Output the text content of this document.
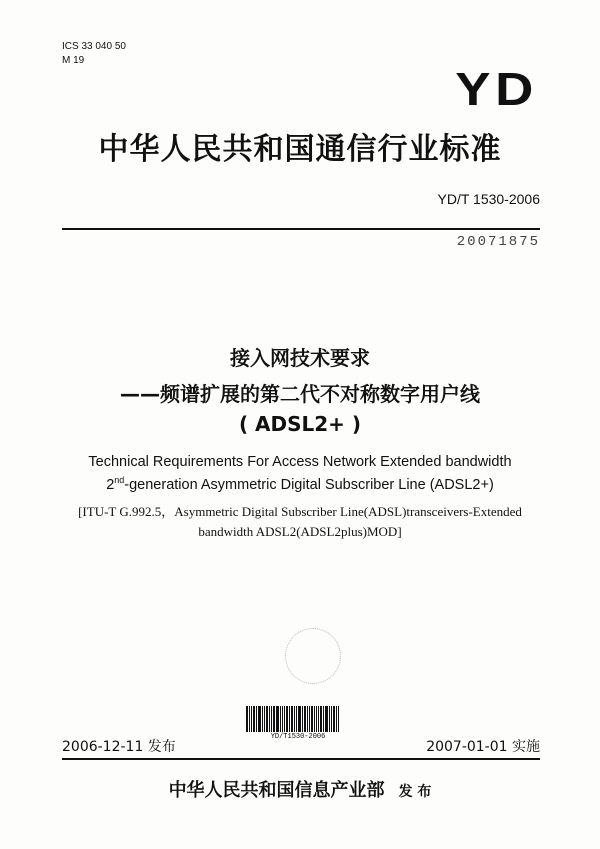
ICS 33 040 50
M 19
YD
中华人民共和国通信行业标准
YD/T 1530-2006
20071875
接入网技术要求
——频谱扩展的第二代不对称数字用户线
( ADSL2+ )
Technical Requirements For Access Network Extended bandwidth
2nd-generation Asymmetric Digital Subscriber Line (ADSL2+)
[ITU-T G.992.5，Asymmetric Digital Subscriber Line(ADSL)transceivers-Extended
bandwidth ADSL2(ADSL2plus)MOD]
YD/T1530-2006
2006-12-11 发布	2007-01-01 实施
中华人民共和国信息产业部 发 布
